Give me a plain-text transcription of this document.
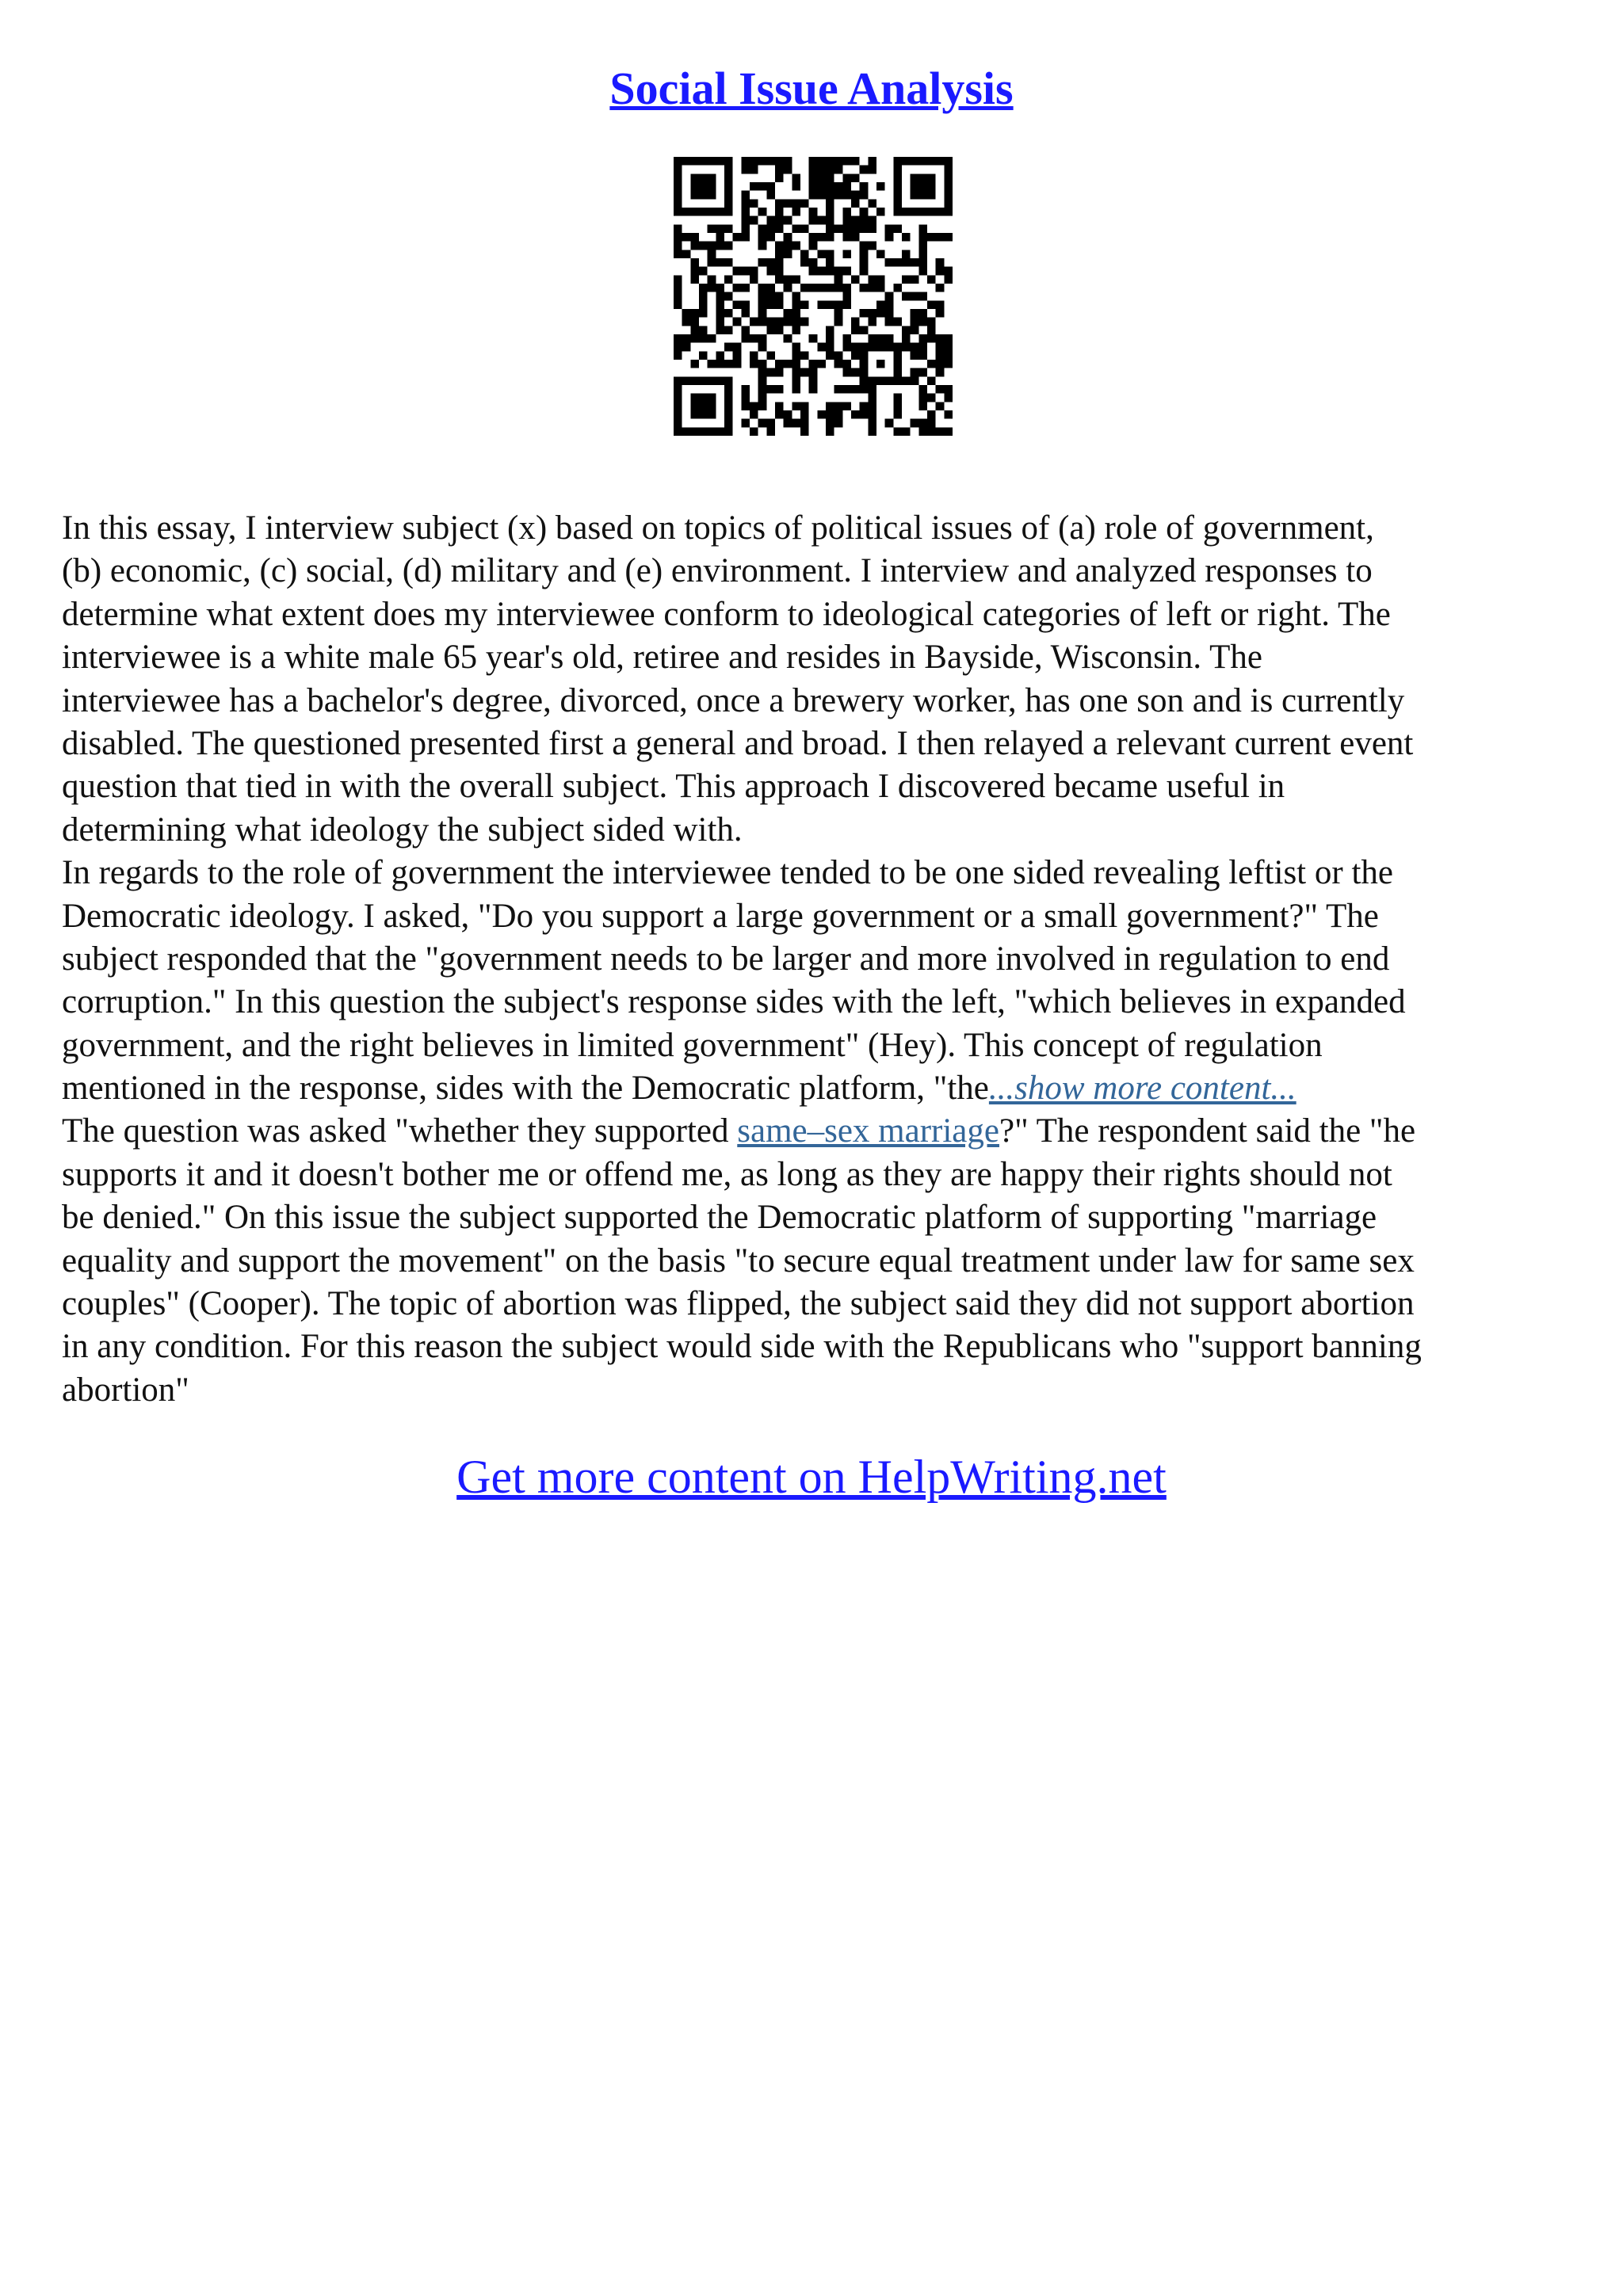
Social Issue Analysis
In this essay, I interview subject (x) based on topics of political issues of (a) role of government,
(b) economic, (c) social, (d) military and (e) environment. I interview and analyzed responses to
determine what extent does my interviewee conform to ideological categories of left or right. The
interviewee is a white male 65 year's old, retiree and resides in Bayside, Wisconsin. The
interviewee has a bachelor's degree, divorced, once a brewery worker, has one son and is currently
disabled. The questioned presented first a general and broad. I then relayed a relevant current event
question that tied in with the overall subject. This approach I discovered became useful in
determining what ideology the subject sided with.
In regards to the role of government the interviewee tended to be one sided revealing leftist or the
Democratic ideology. I asked, "Do you support a large government or a small government?" The
subject responded that the "government needs to be larger and more involved in regulation to end
corruption." In this question the subject's response sides with the left, "which believes in expanded
government, and the right believes in limited government" (Hey). This concept of regulation
mentioned in the response, sides with the Democratic platform, "the...show more content...
The question was asked "whether they supported same–sex marriage?" The respondent said the "he
supports it and it doesn't bother me or offend me, as long as they are happy their rights should not
be denied." On this issue the subject supported the Democratic platform of supporting "marriage
equality and support the movement" on the basis "to secure equal treatment under law for same sex
couples" (Cooper). The topic of abortion was flipped, the subject said they did not support abortion
in any condition. For this reason the subject would side with the Republicans who "support banning
abortion"
Get more content on HelpWriting.net
